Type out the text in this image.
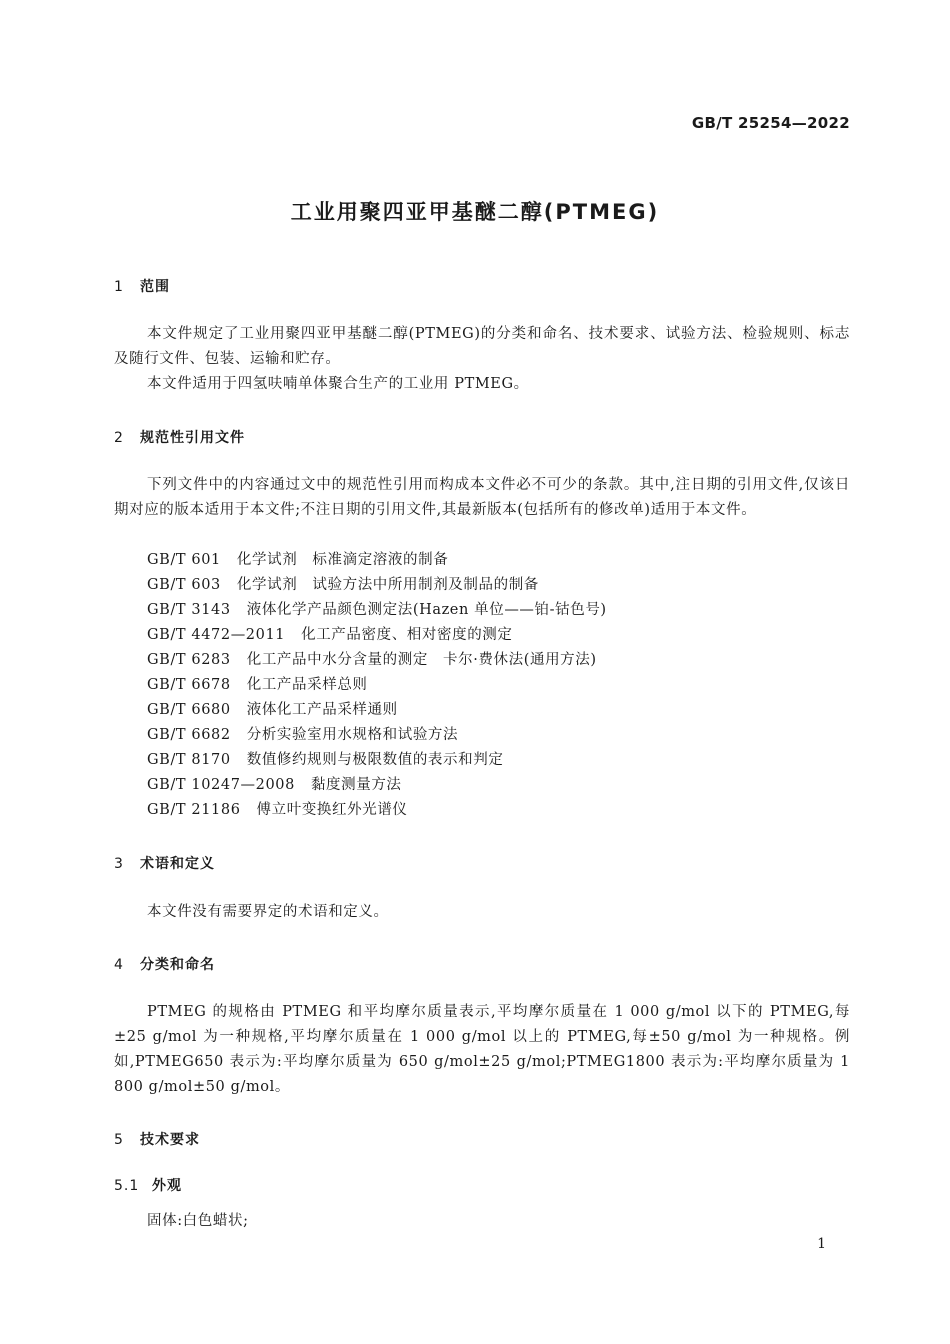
GB/T 25254—2022
工业用聚四亚甲基醚二醇(PTMEG)
1	范围

本文件规定了工业用聚四亚甲基醚二醇(PTMEG)的分类和命名、技术要求、试验方法、检验规则、标志及随行文件、包装、运输和贮存。

本文件适用于四氢呋喃单体聚合生产的工业用 PTMEG。

2	规范性引用文件

下列文件中的内容通过文中的规范性引用而构成本文件必不可少的条款。其中,注日期的引用文件,仅该日期对应的版本适用于本文件;不注日期的引用文件,其最新版本(包括所有的修改单)适用于本文件。

GB/T 601 化学试剂　标准滴定溶液的制备
GB/T 603 化学试剂　试验方法中所用制剂及制品的制备
GB/T 3143 液体化学产品颜色测定法(Hazen 单位——铂-钴色号)
GB/T 4472—2011 化工产品密度、相对密度的测定
GB/T 6283 化工产品中水分含量的测定　卡尔·费休法(通用方法)
GB/T 6678 化工产品采样总则
GB/T 6680 液体化工产品采样通则
GB/T 6682 分析实验室用水规格和试验方法
GB/T 8170 数值修约规则与极限数值的表示和判定
GB/T 10247—2008 黏度测量方法
GB/T 21186 傅立叶变换红外光谱仪
3	术语和定义

本文件没有需要界定的术语和定义。

4	分类和命名

PTMEG 的规格由 PTMEG 和平均摩尔质量表示,平均摩尔质量在 1 000 g/mol 以下的 PTMEG,每±25 g/mol 为一种规格,平均摩尔质量在 1 000 g/mol 以上的 PTMEG,每±50 g/mol 为一种规格。例如,PTMEG650 表示为:平均摩尔质量为 650 g/mol±25 g/mol;PTMEG1800 表示为:平均摩尔质量为 1 800 g/mol±50 g/mol。

5	技术要求
5.1 外观

固体:白色蜡状;

1
